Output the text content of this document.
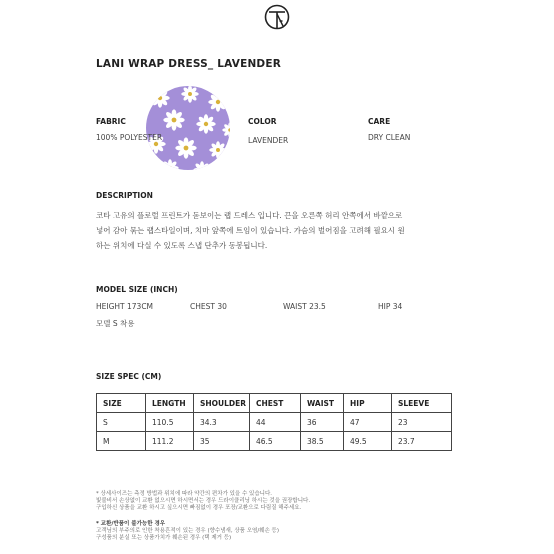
LANI WRAP DRESS_ LAVENDER
FABRIC
100% POLYESTER
COLOR
LAVENDER
CARE
DRY CLEAN
DESCRIPTION
코타 고유의 플로럴 프린트가 돋보이는 랩 드레스 입니다. 끈을 오른쪽 허리 안쪽에서 바깥으로
넣어 감아 묶는 랩스타일이며, 치마 앞쪽에 트임이 있습니다. 가슴의 벌어짐을 고려해 필요시 원
하는 위치에 다실 수 있도록 스냅 단추가 동봉됩니다.
MODEL SIZE (INCH)
HEIGHT 173CM	CHEST 30	WAIST 23.5	HIP 34
모델 S 착용
SIZE SPEC (CM)
SIZE	LENGTH	SHOULDER	CHEST	WAIST	HIP	SLEEVE
S	110.5	34.3	44	36	47	23
M	111.2	35	46.5	38.5	49.5	23.7
* 상세사이즈는 측정 방법과 위치에 따라 약간의 편차가 있을 수 있습니다.
빛불비서 손상없이 교환 없으시면 하시면서는 경우 드라이클리닝 하시는 것을 권장합니다.
구입하신 상품을 교환 하시고 싶으시면 빠짐없이 경우 포장/교환으로 다림질 해주세요.
* 교환/반품이 불가능한 경우
고객님의 부주의로 인한 착용흔적이 있는 경우 (향수냄새, 상품 오염/훼손 등)
구성품의 분실 또는 상품가치가 훼손된 경우 (택 제거 등)
